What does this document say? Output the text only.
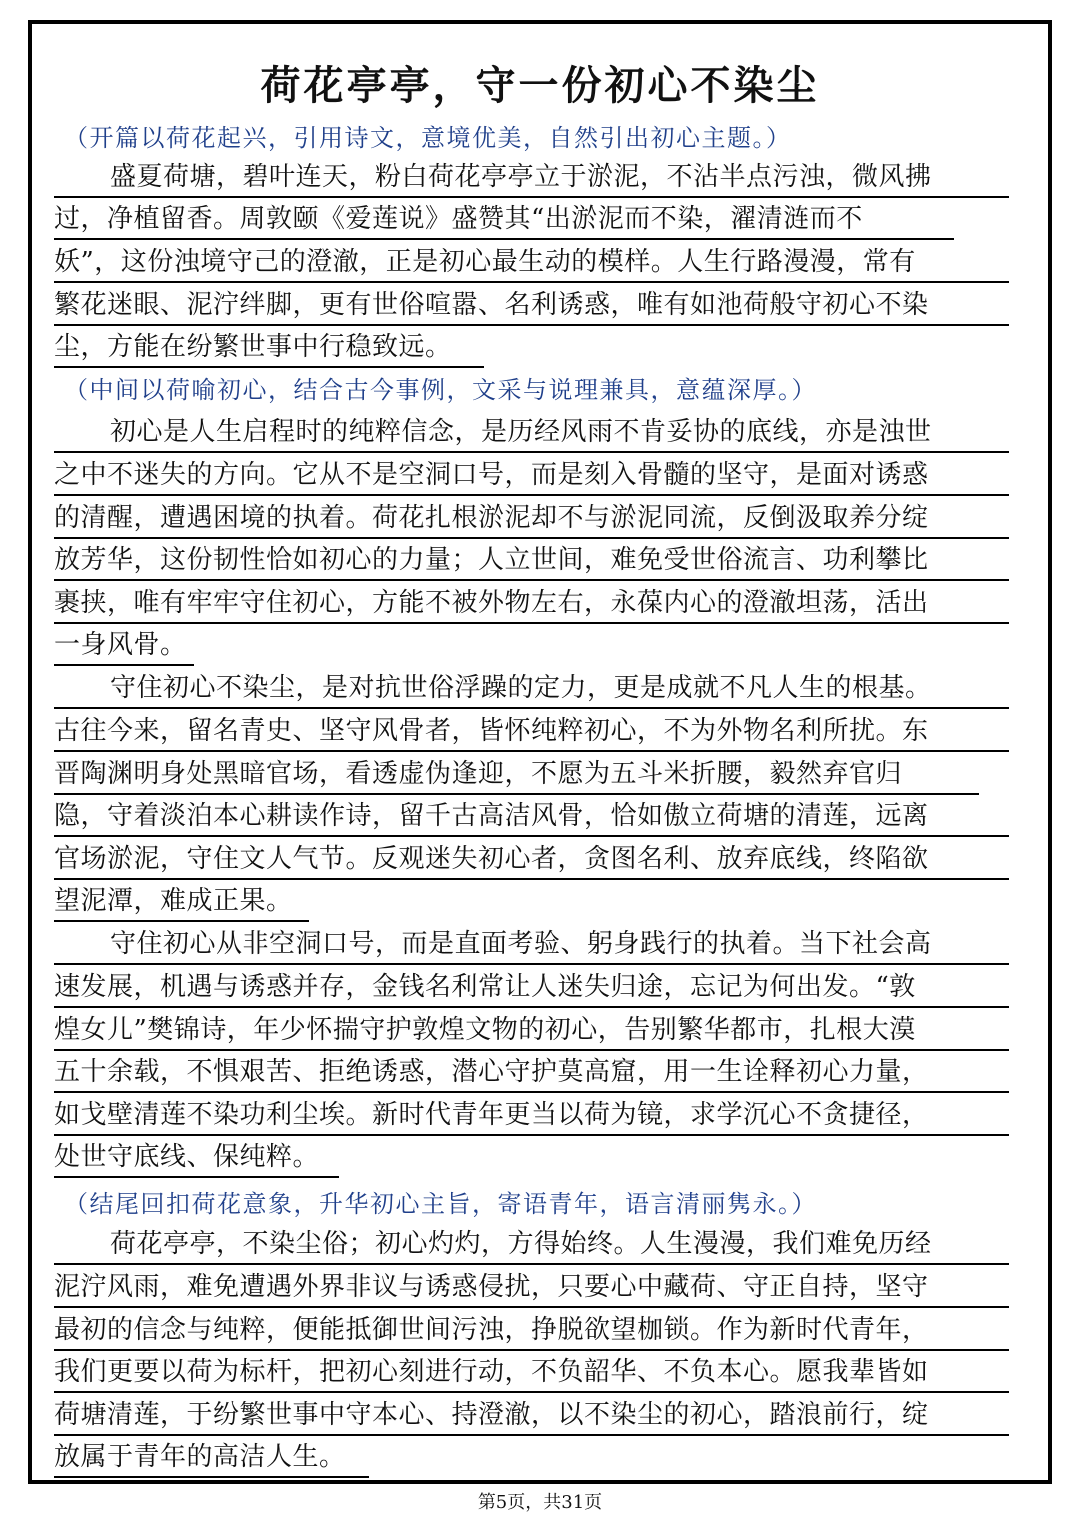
荷花亭亭，守一份初心不染尘
（开篇以荷花起兴，引用诗文，意境优美，自然引出初心主题。）
盛夏荷塘，碧叶连天，粉白荷花亭亭立于淤泥，不沾半点污浊，微风拂
过，净植留香。周敦颐《爱莲说》盛赞其“出淤泥而不染，濯清涟而不
妖”，这份浊境守己的澄澈，正是初心最生动的模样。人生行路漫漫，常有
繁花迷眼、泥泞绊脚，更有世俗喧嚣、名利诱惑，唯有如池荷般守初心不染
尘，方能在纷繁世事中行稳致远。
（中间以荷喻初心，结合古今事例，文采与说理兼具，意蕴深厚。）
初心是人生启程时的纯粹信念，是历经风雨不肯妥协的底线，亦是浊世
之中不迷失的方向。它从不是空洞口号，而是刻入骨髓的坚守，是面对诱惑
的清醒，遭遇困境的执着。荷花扎根淤泥却不与淤泥同流，反倒汲取养分绽
放芳华，这份韧性恰如初心的力量；人立世间，难免受世俗流言、功利攀比
裹挟，唯有牢牢守住初心，方能不被外物左右，永葆内心的澄澈坦荡，活出
一身风骨。
守住初心不染尘，是对抗世俗浮躁的定力，更是成就不凡人生的根基。
古往今来，留名青史、坚守风骨者，皆怀纯粹初心，不为外物名利所扰。东
晋陶渊明身处黑暗官场，看透虚伪逢迎，不愿为五斗米折腰，毅然弃官归
隐，守着淡泊本心耕读作诗，留千古高洁风骨，恰如傲立荷塘的清莲，远离
官场淤泥，守住文人气节。反观迷失初心者，贪图名利、放弃底线，终陷欲
望泥潭，难成正果。
守住初心从非空洞口号，而是直面考验、躬身践行的执着。当下社会高
速发展，机遇与诱惑并存，金钱名利常让人迷失归途，忘记为何出发。“敦
煌女儿”樊锦诗，年少怀揣守护敦煌文物的初心，告别繁华都市，扎根大漠
五十余载，不惧艰苦、拒绝诱惑，潜心守护莫高窟，用一生诠释初心力量，
如戈壁清莲不染功利尘埃。新时代青年更当以荷为镜，求学沉心不贪捷径，
处世守底线、保纯粹。
（结尾回扣荷花意象，升华初心主旨，寄语青年，语言清丽隽永。）
荷花亭亭，不染尘俗；初心灼灼，方得始终。人生漫漫，我们难免历经
泥泞风雨，难免遭遇外界非议与诱惑侵扰，只要心中藏荷、守正自持，坚守
最初的信念与纯粹，便能抵御世间污浊，挣脱欲望枷锁。作为新时代青年，
我们更要以荷为标杆，把初心刻进行动，不负韶华、不负本心。愿我辈皆如
荷塘清莲，于纷繁世事中守本心、持澄澈，以不染尘的初心，踏浪前行，绽
放属于青年的高洁人生。
第5页，共31页
